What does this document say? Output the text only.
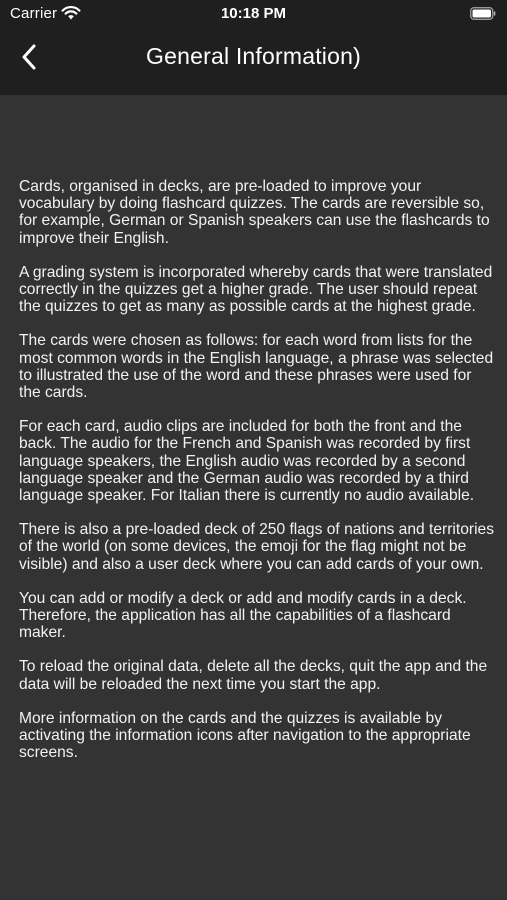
Carrier	10:18 PM
General Information)

Cards, organised in decks, are pre-loaded to improve your vocabulary by doing flashcard quizzes. The cards are reversible so, for example, German or Spanish speakers can use the flashcards to improve their English.

A grading system is incorporated whereby cards that were translated correctly in the quizzes get a higher grade. The user should repeat the quizzes to get as many as possible cards at the highest grade.

The cards were chosen as follows: for each word from lists for the most common words in the English language, a phrase was selected to illustrated the use of the word and these phrases were used for the cards.

For each card, audio clips are included for both the front and the back. The audio for the French and Spanish was recorded by first language speakers, the English audio was recorded by a second language speaker and the German audio was recorded by a third language speaker. For Italian there is currently no audio available.

There is also a pre-loaded deck of 250 flags of nations and territories of the world (on some devices, the emoji for the flag might not be visible) and also a user deck where you can add cards of your own.

You can add or modify a deck or add and modify cards in a deck. Therefore, the application has all the capabilities of a flashcard maker.

To reload the original data, delete all the decks, quit the app and the data will be reloaded the next time you start the app.

More information on the cards and the quizzes is available by activating the information icons after navigation to the appropriate screens.
